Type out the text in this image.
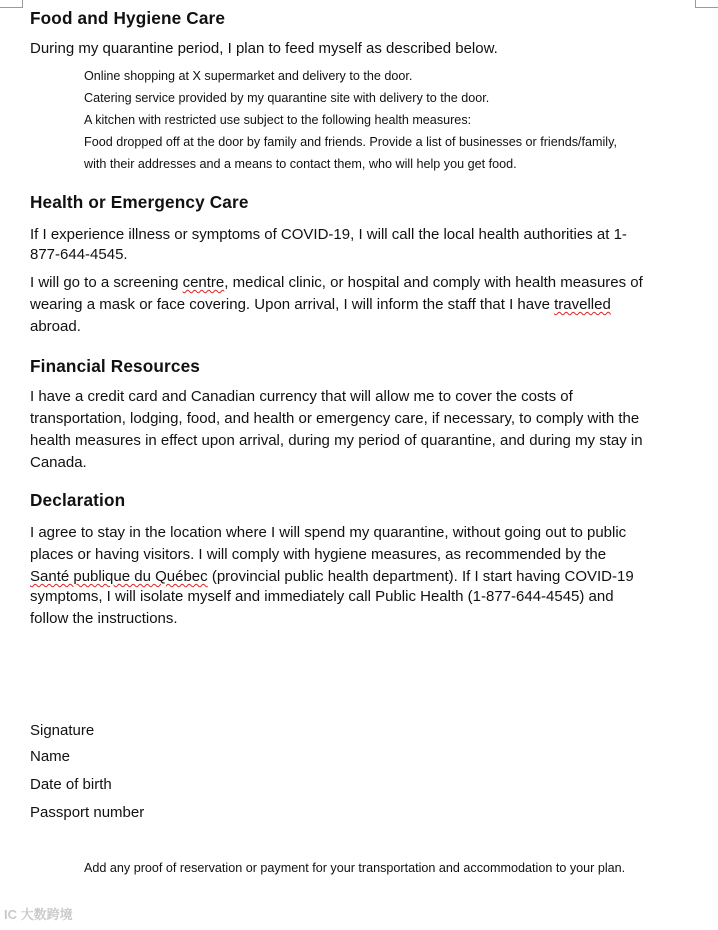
Food and Hygiene Care
During my quarantine period, I plan to feed myself as described below.
Online shopping at X supermarket and delivery to the door.
Catering service provided by my quarantine site with delivery to the door.
A kitchen with restricted use subject to the following health measures:
Food dropped off at the door by family and friends. Provide a list of businesses or friends/family,
with their addresses and a means to contact them, who will help you get food.
Health or Emergency Care
If I experience illness or symptoms of COVID-19, I will call the local health authorities at 1-
877-644-4545.
I will go to a screening centre, medical clinic, or hospital and comply with health measures of
wearing a mask or face covering. Upon arrival, I will inform the staff that I have travelled
abroad.
Financial Resources
I have a credit card and Canadian currency that will allow me to cover the costs of
transportation, lodging, food, and health or emergency care, if necessary, to comply with the
health measures in effect upon arrival, during my period of quarantine, and during my stay in
Canada.
Declaration
I agree to stay in the location where I will spend my quarantine, without going out to public
places or having visitors. I will comply with hygiene measures, as recommended by the
Santé publique du Québec (provincial public health department). If I start having COVID-19
symptoms, I will isolate myself and immediately call Public Health (1-877-644-4545) and
follow the instructions.
Signature
Name
Date of birth
Passport number
Add any proof of reservation or payment for your transportation and accommodation to your plan.
IC 大数跨境
